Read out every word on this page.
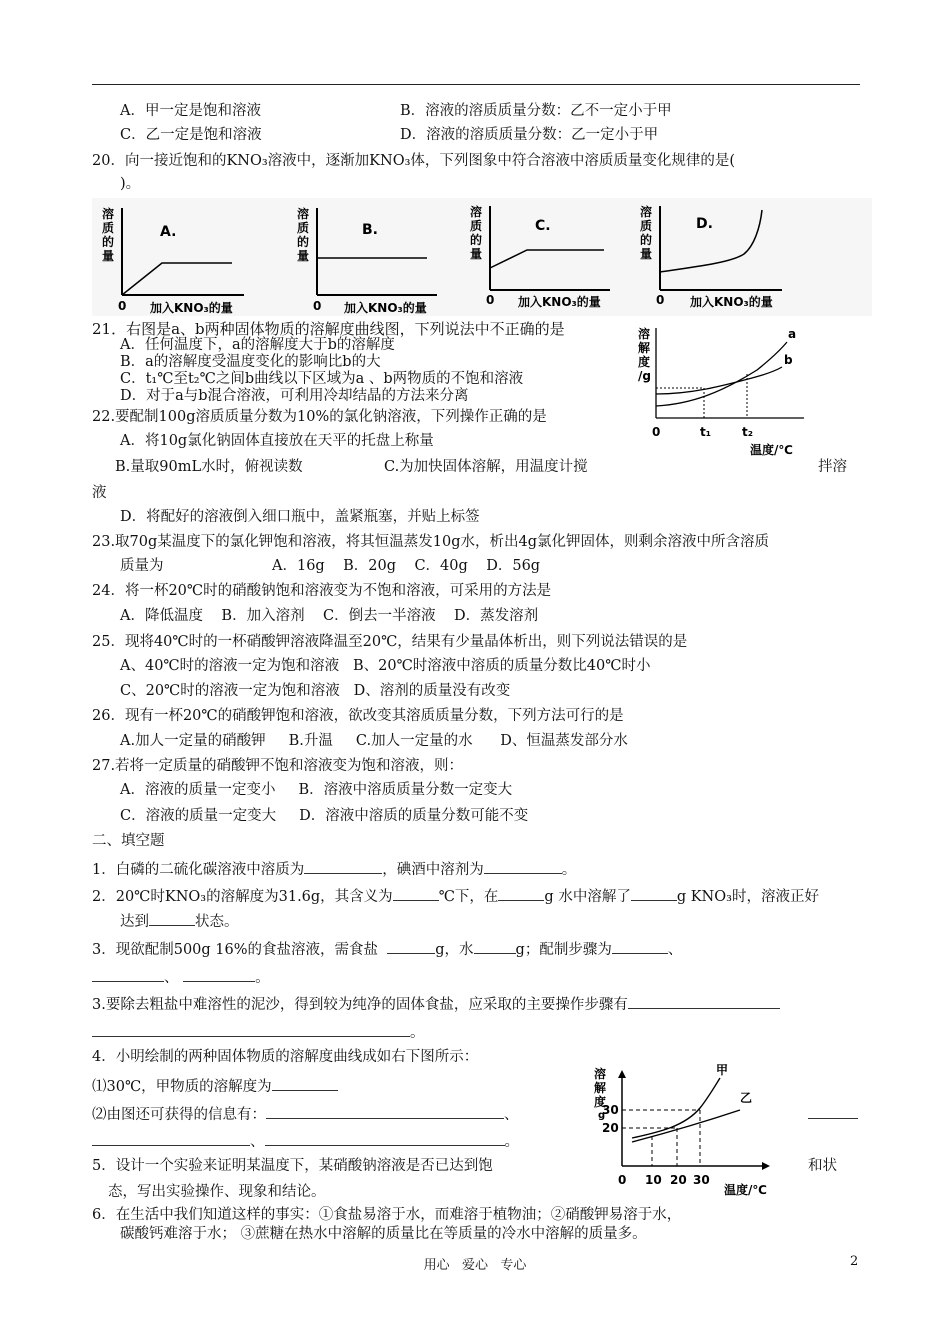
A．甲一定是饱和溶液	B．溶液的溶质质量分数：乙不一定小于甲
C．乙一定是饱和溶液	D．溶液的溶质质量分数：乙一定小于甲
20．向一接近饱和的KNO₃溶液中，逐渐加KNO₃体，下列图象中符合溶液中溶质质量变化规律的是(
)。
溶
质
的
量
A.
0 加入KNO₃的量
溶
质
的
量
B.
0 加入KNO₃的量
溶
质
的
量
C.
0 加入KNO₃的量
溶
质
的
量
D.
0 加入KNO₃的量
21．右图是a、b两种固体物质的溶解度曲线图，下列说法中不正确的是
A．任何温度下，a的溶解度大于b的溶解度
B．a的溶解度受温度变化的影响比b的大
C．t₁℃至t₂℃之间b曲线以下区域为a 、b两物质的不饱和溶液
D．对于a与b混合溶液，可利用冷却结晶的方法来分离
溶
解
度
/g
0	t₁	t₂
温度/℃
a
b
22.要配制100g溶质质量分数为10%的氯化钠溶液，下列操作正确的是
A．将10g氯化钠固体直接放在天平的托盘上称量
B.量取90mL水时，俯视读数	C.为加快固体溶解，用温度计搅	拌溶
液
D．将配好的溶液倒入细口瓶中，盖紧瓶塞，并贴上标签
23.取70g某温度下的氯化钾饱和溶液，将其恒温蒸发10g水，析出4g氯化钾固体，则剩余溶液中所含溶质
质量为	A．16g    B．20g    C．40g    D．56g
24．将一杯20℃时的硝酸钠饱和溶液变为不饱和溶液，可采用的方法是
A．降低温度    B．加入溶剂    C．倒去一半溶液    D．蒸发溶剂
25．现将40℃时的一杯硝酸钾溶液降温至20℃，结果有少量晶体析出，则下列说法错误的是
A、40℃时的溶液一定为饱和溶液   B、20℃时溶液中溶质的质量分数比40℃时小
C、20℃时的溶液一定为饱和溶液   D、溶剂的质量没有改变
26．现有一杯20℃的硝酸钾饱和溶液，欲改变其溶质质量分数，下列方法可行的是
A.加人一定量的硝酸钾     B.升温     C.加人一定量的水      D、恒温蒸发部分水
27.若将一定质量的硝酸钾不饱和溶液变为饱和溶液，则：
A．溶液的质量一定变小     B．溶液中溶质质量分数一定变大
C．溶液的质量一定变大     D．溶液中溶质的质量分数可能不变
二、填空题
1．白磷的二硫化碳溶液中溶质为	，碘酒中溶剂为	。
2．20℃时KNO₃的溶解度为31.6g，其含义为	℃下，在	g 水中溶解了	g KNO₃时，溶液正好
达到	状态。
3．现欲配制500g 16%的食盐溶液，需食盐	g，水	g；配制步骤为	、
、	。
3.要除去粗盐中难溶性的泥沙，得到较为纯净的固体食盐，应采取的主要操作步骤有
。
4．小明绘制的两种固体物质的溶解度曲线成如右下图所示：
⑴30℃，甲物质的溶解度为
⑵由图还可获得的信息有：	、
、	。
溶
解
度
g
30
20
0 10 20 30
温度/℃
甲
乙
5．设计一个实验来证明某温度下，某硝酸钠溶液是否已达到饱	和状
态，写出实验操作、现象和结论。
6．在生活中我们知道这样的事实：①食盐易溶于水，而难溶于植物油；②硝酸钾易溶于水，
碳酸钙难溶于水； ③蔗糖在热水中溶解的质量比在等质量的冷水中溶解的质量多。
用心   爱心   专心	2
